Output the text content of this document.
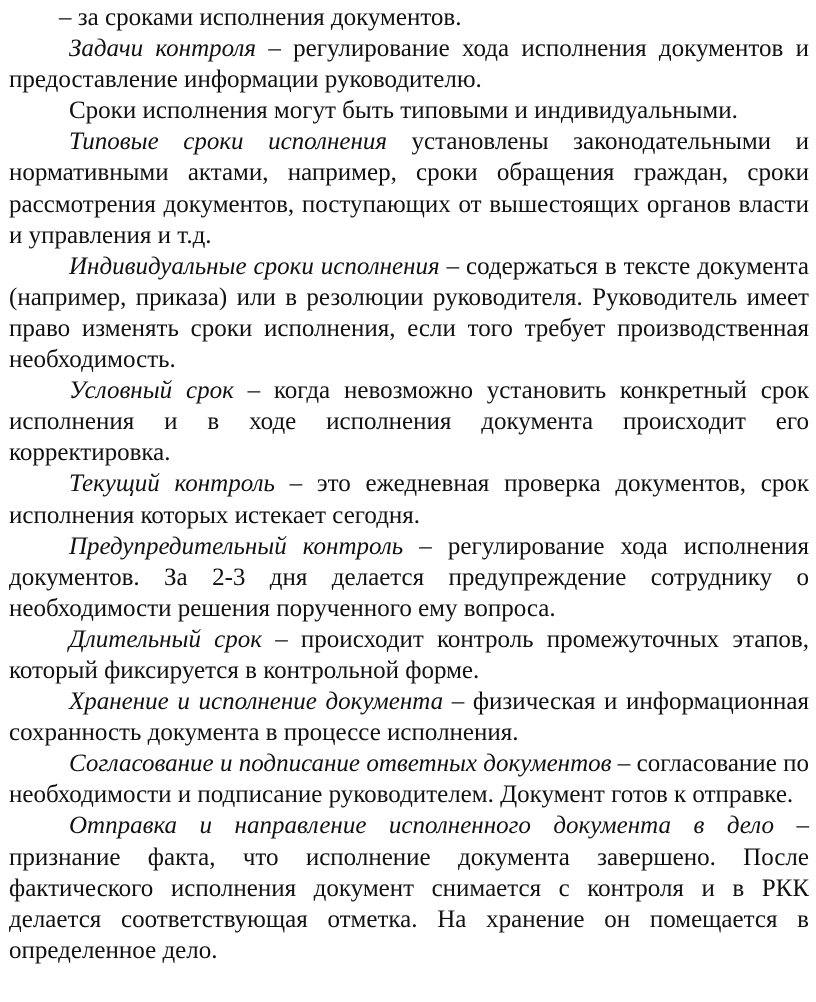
– за сроками исполнения документов.

Задачи контроля – регулирование хода исполнения документов и предоставление информации руководителю.

Сроки исполнения могут быть типовыми и индивидуальными.

Типовые сроки исполнения установлены законодательными и нормативными актами, например, сроки обращения граждан, сроки рассмотрения документов, поступающих от вышестоящих органов власти и управления и т.д.

Индивидуальные сроки исполнения – содержаться в тексте документа (например, приказа) или в резолюции руководителя. Руководитель имеет право изменять сроки исполнения, если того требует производственная необходимость.

Условный срок – когда невозможно установить конкретный срок исполнения и в ходе исполнения документа происходит его корректировка.

Текущий контроль – это ежедневная проверка документов, срок исполнения которых истекает сегодня.

Предупредительный контроль – регулирование хода исполнения документов. За 2-3 дня делается предупреждение сотруднику о необходимости решения порученного ему вопроса.

Длительный срок – происходит контроль промежуточных этапов, который фиксируется в контрольной форме.

Хранение и исполнение документа – физическая и информационная сохранность документа в процессе исполнения.

Согласование и подписание ответных документов – согласование по необходимости и подписание руководителем. Документ готов к отправке.

Отправка и направление исполненного документа в дело – признание факта, что исполнение документа завершено. После фактического исполнения документ снимается с контроля и в РКК делается соответствующая отметка. На хранение он помещается в определенное дело.
